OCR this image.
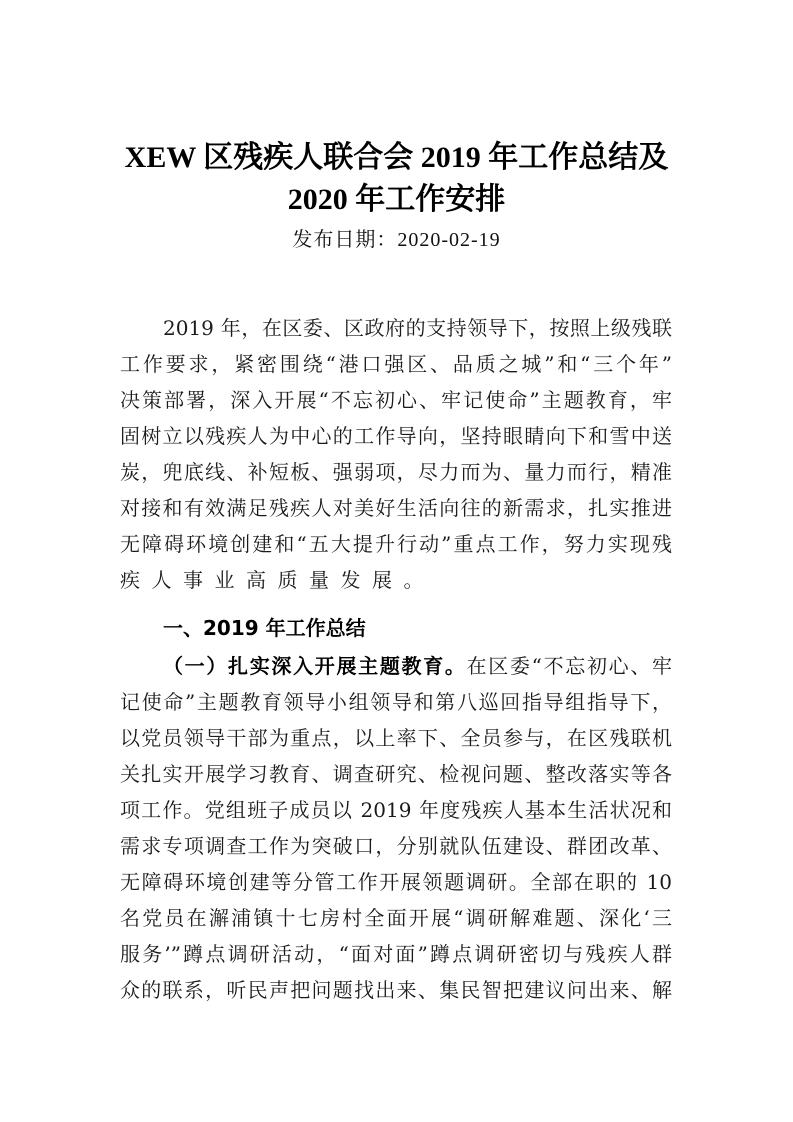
XEW 区残疾人联合会 2019 年工作总结及
2020 年工作安排
发布日期：2020-02-19
2019 年，在区委、区政府的支持领导下，按照上级残联
工作要求，紧密围绕“港口强区、品质之城”和“三个年”
决策部署，深入开展“不忘初心、牢记使命”主题教育，牢
固树立以残疾人为中心的工作导向，坚持眼睛向下和雪中送
炭，兜底线、补短板、强弱项，尽力而为、量力而行，精准
对接和有效满足残疾人对美好生活向往的新需求，扎实推进
无障碍环境创建和“五大提升行动”重点工作，努力实现残
疾人事业高质量发展。
一、2019 年工作总结
（一）扎实深入开展主题教育。在区委“不忘初心、牢
记使命”主题教育领导小组领导和第八巡回指导组指导下，
以党员领导干部为重点，以上率下、全员参与，在区残联机
关扎实开展学习教育、调查研究、检视问题、整改落实等各
项工作。党组班子成员以 2019 年度残疾人基本生活状况和
需求专项调查工作为突破口，分别就队伍建设、群团改革、
无障碍环境创建等分管工作开展领题调研。全部在职的 10
名党员在澥浦镇十七房村全面开展“调研解难题、深化‘三
服务’”蹲点调研活动，“面对面”蹲点调研密切与残疾人群
众的联系，听民声把问题找出来、集民智把建议问出来、解
